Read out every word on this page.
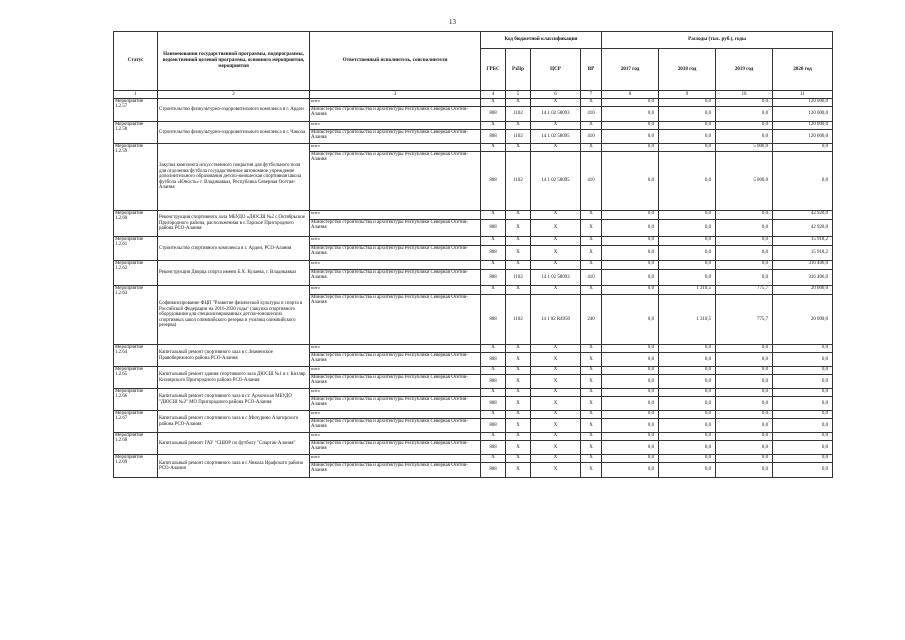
13
Статус	Наименования государственной программы, подпрограммы, ведомственной целевой программы, основного мероприятия, мероприятия	Ответственный исполнитель, соисполнители	Код бюджетной классификации				Расходы (тыс. руб.), годы			
			ГРБС	РзПр	ЦСР	ВР	2017 год	2018 год	2019 год	2020 год
1	2	3	4	5	6	7	8	9	10	11
Мероприятие 1.2.57	Строительство физкультурно-оздоровительного комплекса в г. Ардон	всего	X	X	X	X	0,0	0,0	0,0	120 000,0
		Министерство строительства и архитектуры Республики Северная Осетия-Алания	808	1102	14 1 02 58093	410	0,0	0,0	0,0	120 000,0
Мероприятие 1.2.58	Строительство физкультурно-оздоровительного комплекса в г. Чикола	всего	X	X	X	X	0,0	0,0	0,0	120 000,0
		Министерство строительства и архитектуры Республики Северная Осетия-Алания	808	1102	14 1 02 58095	410	0,0	0,0	0,0	120 000,0
Мероприятие 1.2.59	Закупка комплекта искусственного покрытия для футбольного поля для отделения футбола государственное автономное учреждение дополнительного образования детско-юношеская спортивная школа футбола «Юность» г. Владикавказ, Республика Северная Осетия-Алания	всего	X	X	X	X	0,0	0,0	5 000,0	0,0
		Министерство строительства и архитектуры Республики Северная Осетия-Алания	808	1102	14 1 02 58095	410	0,0	0,0	5 000,0	0,0
Мероприятие 1.2.60	Реконструкция спортивного зала МБУДО «ДЮСШ №2 с.Октябрьское Пригородного района, расположенная в с.Тарское Пригородного района РСО-Алания	всего	X	X	X	X	0,0	0,0	0,0	42 920,0
		Министерство строительства и архитектуры Республики Северная Осетия-Алания	808	X	X	X	0,0	0,0	0,0	42 920,0
Мероприятие 1.2.61	Строительство спортивного комплекса в г. Ардон, РСО-Алания	всего	X	X	X	X	0,0	0,0	0,0	15 918,2
		Министерство строительства и архитектуры Республики Северная Осетия-Алания	808	X	X	X	0,0	0,0	0,0	15 918,2
Мероприятие 1.2.62	Реконструкция Дворца спорта имени Б.Х. Кулаева, г. Владикавказ	всего	X	X	X	X	0,0	0,0	0,0	316 406,0
		Министерство строительства и архитектуры Республики Северная Осетия-Алания	808	1102	14 1 02 58093	410	0,0	0,0	0,0	316 406,0
Мероприятие 1.2.63	Софинансирование ФЦП "Развитие физической культуры и спорта в Российской Федерации на 2016-2020 годы" (закупка спортивного оборудования для специализированных детско-юношеских спортивных школ олимпийского резерва и училищ олимпийского резерва)	всего	X	X	X	X	0,0	1 310,5	775,7	20 000,0
		Министерство строительства и архитектуры Республики Северная Осетия-Алания	808	1102	14 1 02 R4950	240	0,0	1 310,5	775,7	20 000,0
Мероприятие 1.2.64	Капитальный ремонт спортивного зала в с.Знаменское Правобережного района РСО-Алания	всего	X	X	X	X	0,0	0,0	0,0	0,0
		Министерство строительства и архитектуры Республики Северная Осетия-Алания	808	X	X	X	0,0	0,0	0,0	0,0
Мероприятие 1.2.65	Капитальный ремонт здания спортивного зала ДЮСШ №1 в г. Кизляр Кизлярского Пригородного района РСО-Алания	всего	X	X	X	X	0,0	0,0	0,0	0,0
		Министерство строительства и архитектуры Республики Северная Осетия-Алания	808	X	X	X	0,0	0,0	0,0	0,0
Мероприятие 1.2.66	Капитальный ремонт спортивного зала в ст. Архонская МБУДО "ДЮСШ №2" МО Пригородного района РСО-Алания	всего	X	X	X	X	0,0	0,0	0,0	0,0
		Министерство строительства и архитектуры Республики Северная Осетия-Алания	808	X	X	X	0,0	0,0	0,0	0,0
Мероприятие 1.2.67	Капитальный ремонт спортивного зала в с.Мичурино Алагирского района РСО-Алания	всего	X	X	X	X	0,0	0,0	0,0	0,0
		Министерство строительства и архитектуры Республики Северная Осетия-Алания	808	X	X	X	0,0	0,0	0,0	0,0
Мероприятие 1.2.68	Капитальный ремонт ГАУ "СШОР по футболу "Спартак-Алания"	всего	X	X	X	X	0,0	0,0	0,0	0,0
		Министерство строительства и архитектуры Республики Северная Осетия-Алания	808	X	X	X	0,0	0,0	0,0	0,0
Мероприятие 1.2.69	Капитальный ремонт спортивного зала в с.Чикола Ирафского района РСО-Алания	всего	X	X	X	X	0,0	0,0	0,0	0,0
		Министерство строительства и архитектуры Республики Северная Осетия-Алания	808	X	X	X	0,0	0,0	0,0	0,0
